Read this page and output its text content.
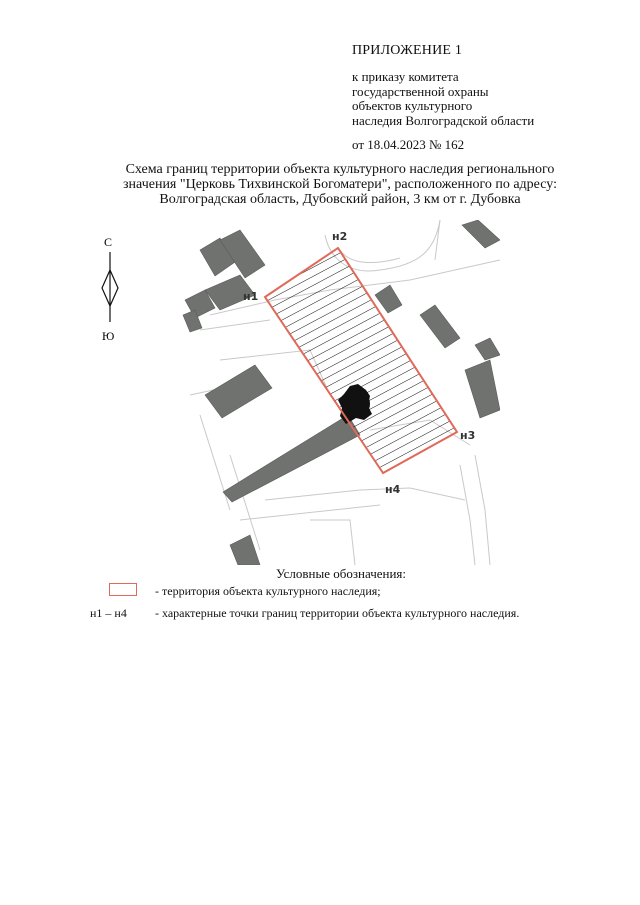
ПРИЛОЖЕНИЕ 1
к приказу комитета
государственной охраны
объектов культурного
наследия Волгоградской области
от 18.04.2023 № 162
Схема границ территории объекта культурного наследия регионального
значения "Церковь Тихвинской Богоматери", расположенного по адресу:
Волгоградская область, Дубовский район, 3 км от г. Дубовка
С
Ю
н1
н2
н3
н4
Условные обозначения:
- территория объекта культурного наследия;
н1 – н4 - характерные точки границ территории объекта культурного наследия.
